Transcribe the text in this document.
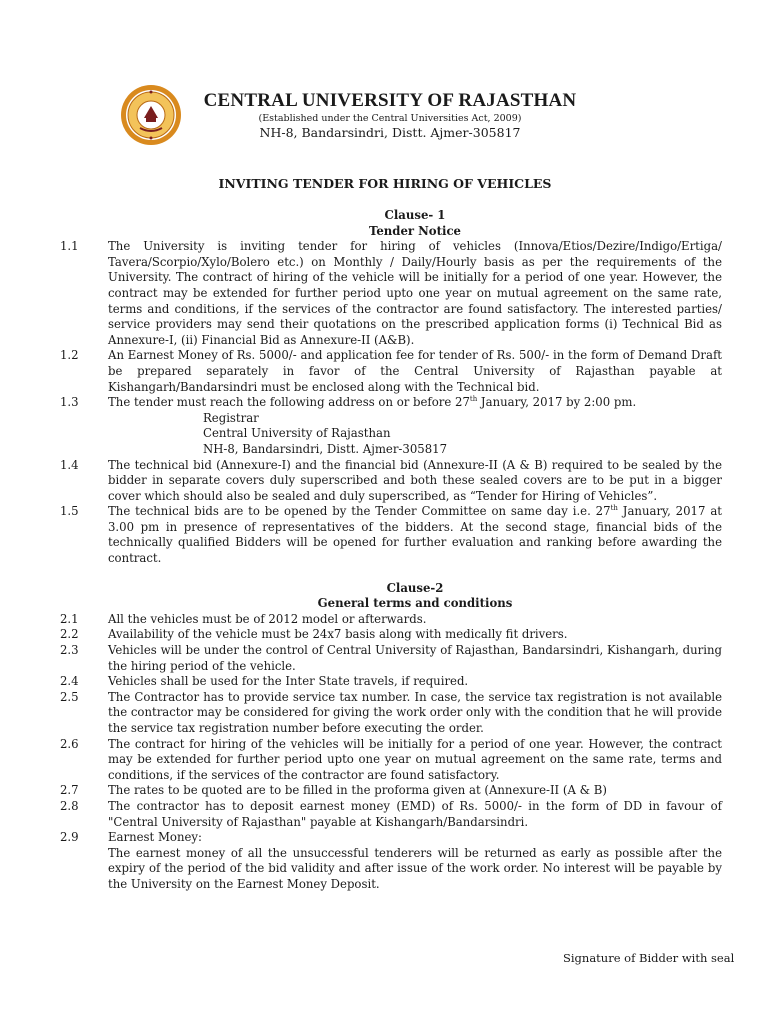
CENTRAL UNIVERSITY OF RAJASTHAN
(Established under the Central Universities Act, 2009)
NH-8, Bandarsindri, Distt. Ajmer-305817
INVITING TENDER FOR HIRING OF VEHICLES
Clause- 1
Tender Notice
1.1	The University is inviting tender for hiring of vehicles (Innova/Etios/Dezire/Indigo/Ertiga/ Tavera/Scorpio/Xylo/Bolero etc.) on Monthly / Daily/Hourly basis as per the requirements of the University. The contract of hiring of the vehicle will be initially for a period of one year. However, the contract may be extended for further period upto one year on mutual agreement on the same rate, terms and conditions, if the services of the contractor are found satisfactory. The interested parties/ service providers may send their quotations on the prescribed application forms (i) Technical Bid as Annexure-I, (ii) Financial Bid as Annexure-II (A&B).
1.2	An Earnest Money of Rs. 5000/- and application fee for tender of Rs. 500/- in the form of Demand Draft be prepared separately in favor of the Central University of Rajasthan payable at Kishangarh/Bandarsindri must be enclosed along with the Technical bid.
1.3	The tender must reach the following address on or before 27th January, 2017 by 2:00 pm.
Registrar
Central University of Rajasthan
NH-8, Bandarsindri, Distt. Ajmer-305817
1.4	The technical bid (Annexure-I) and the financial bid (Annexure-II (A & B) required to be sealed by the bidder in separate covers duly superscribed and both these sealed covers are to be put in a bigger cover which should also be sealed and duly superscribed, as “Tender for Hiring of Vehicles”.
1.5	The technical bids are to be opened by the Tender Committee on same day i.e. 27th January, 2017 at 3.00 pm in presence of representatives of the bidders. At the second stage, financial bids of the technically qualified Bidders will be opened for further evaluation and ranking before awarding the contract.
Clause-2
General terms and conditions
2.1	All the vehicles must be of 2012 model or afterwards.
2.2	Availability of the vehicle must be 24x7 basis along with medically fit drivers.
2.3	Vehicles will be under the control of Central University of Rajasthan, Bandarsindri, Kishangarh, during the hiring period of the vehicle.
2.4	Vehicles shall be used for the Inter State travels, if required.
2.5	The Contractor has to provide service tax number. In case, the service tax registration is not available the contractor may be considered for giving the work order only with the condition that he will provide the service tax registration number before executing the order.
2.6	The contract for hiring of the vehicles will be initially for a period of one year. However, the contract may be extended for further period upto one year on mutual agreement on the same rate, terms and conditions, if the services of the contractor are found satisfactory.
2.7	The rates to be quoted are to be filled in the proforma given at (Annexure-II (A & B)
2.8	The contractor has to deposit earnest money (EMD) of Rs. 5000/- in the form of DD in favour of "Central University of Rajasthan" payable at Kishangarh/Bandarsindri.
2.9	Earnest Money:
The earnest money of all the unsuccessful tenderers will be returned as early as possible after the expiry of the period of the bid validity and after issue of the work order. No interest will be payable by the University on the Earnest Money Deposit.
Signature of Bidder with seal
